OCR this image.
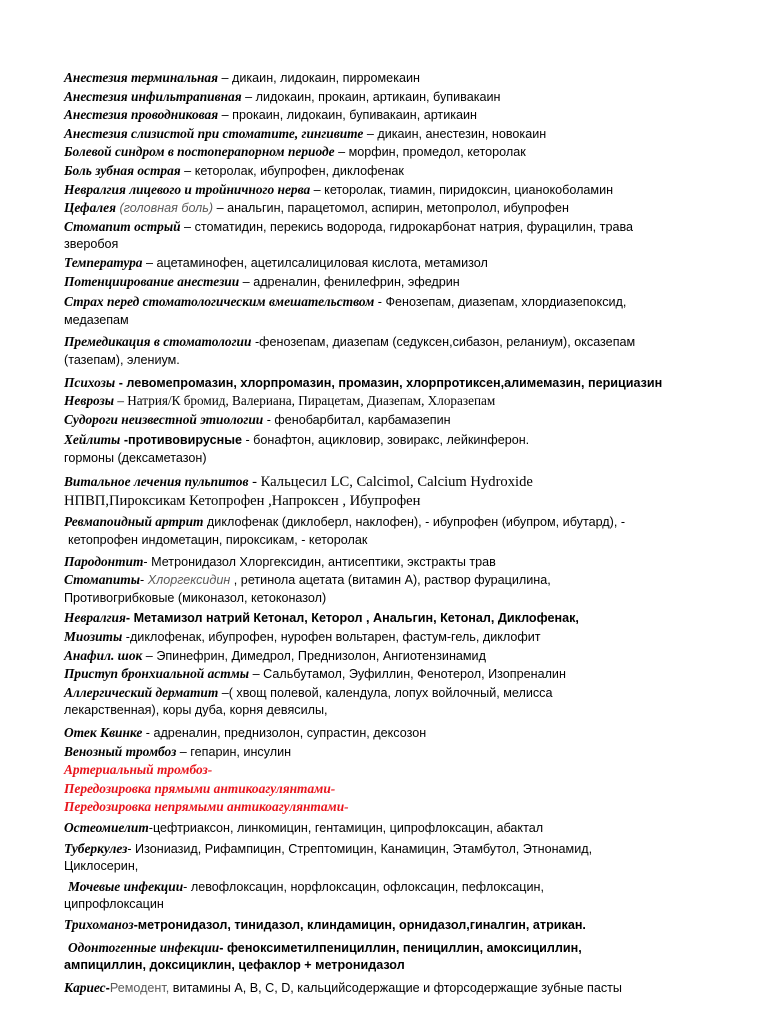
Анестезия терминальная – дикаин, лидокаин, пирромекаин

Анестезия инфильтрапивная – лидокаин, прокаин, артикаин, бупивакаин

Анестезия проводниковая – прокаин, лидокаин, бупивакаин, артикаин

Анестезия слизистой при стоматите, гингивите – дикаин, анестезин, новокаин

Болевой синдром в постоперапорном периоде – морфин, промедол, кеторолак

Боль зубная острая – кеторолак, ибупрофен, диклофенак

Невралгия лицевого и тройничного нерва – кеторолак, тиамин, пиридоксин, цианокоболамин

Цефалея (головная боль) – анальгин, парацетомол, аспирин, метопролол, ибупрофен

Стомапит острый – стоматидин, перекись водорода, гидрокарбонат натрия, фурацилин, трава
зверобоя

Температура – ацетаминофен, ацетилсалициловая кислота, метамизол

Потенциирование анестезии – адреналин, фенилефрин, эфедрин

Страх перед стоматологическим вмешательством - Фенозепам, диазепам, хлордиазепоксид,
медазепам

Премедикация в стоматологии -фенозепам, диазепам (седуксен,сибазон, реланиум), оксазепам
(тазепам), элениум.

Психозы - левомепромазин, хлорпромазин, промазин, хлорпротиксен,алимемазин, перициазин

Неврозы – Натрия/К бромид, Валериана, Пирацетам, Диазепам, Хлоразепам

Судороги неизвестной этиологии - фенобарбитал, карбамазепин

Хейлиты -противовирусные - бонафтон, ацикловир, зовиракс, лейкинферон.
гормоны (дексаметазон)

Витальное лечения пульпитов - Кальцесил LC, Calcimol, Calcium Hydroxide
НПВП,Пироксикам Кетопрофен ,Напроксен , Ибупрофен

Ревмапоидный артрит диклофенак (диклоберл, наклофен), - ибупрофен (ибупром, ибутард), -
кетопрофен индометацин, пироксикам, - кеторолак

Пародонтит- Метронидазол Хлоргексидин, антисептики, экстракты трав

Стомапиты- Хлоргексидин , ретинола ацетата (витамин А), раствор фурацилина,
Противогрибковые (миконазол, кетоконазол)

Невралгия- Метамизол натрий Кетонал, Кеторол , Анальгин, Кетонал, Диклофенак,

Миозиты -диклофенак, ибупрофен, нурофен вольтарен, фастум-гель, диклофит

Анафил. шок – Эпинефрин, Димедрол, Преднизолон, Ангиотензинамид

Приступ бронхиальной астмы – Сальбутамол, Эуфиллин, Фенотерол, Изопреналин

Аллергический дерматит –( хвощ полевой, календула, лопух войлочный, мелисса
лекарственная), коры дуба, корня девясилы,

Отек Квинке - адреналин, преднизолон, супрастин, дексозон

Венозный тромбоз – гепарин, инсулин

Артериальный тромбоз-

Передозировка прямыми антикоагулянтами-

Передозировка непрямыми антикоагулянтами-

Остеомиелит-цефтриаксон, линкомицин, гентамицин, ципрофлоксацин, абактал

Туберкулез- Изониазид, Рифампицин, Стрептомицин, Канамицин, Этамбутол, Этнонамид,
Циклосерин,

Мочевые инфекции- левофлоксацин, норфлоксацин, офлоксацин, пефлоксацин,
ципрофлоксацин

Трихоманоз-метронидазол, тинидазол, клиндамицин, орнидазол,гиналгин, атрикан.

Одонтогенные инфекции- феноксиметилпенициллин, пенициллин, амоксициллин,
ампициллин, доксициклин, цефаклор + метронидазол

Кариес-Ремодент, витамины А, В, С, D, кальцийсодержащие и фторсодержащие зубные пасты
